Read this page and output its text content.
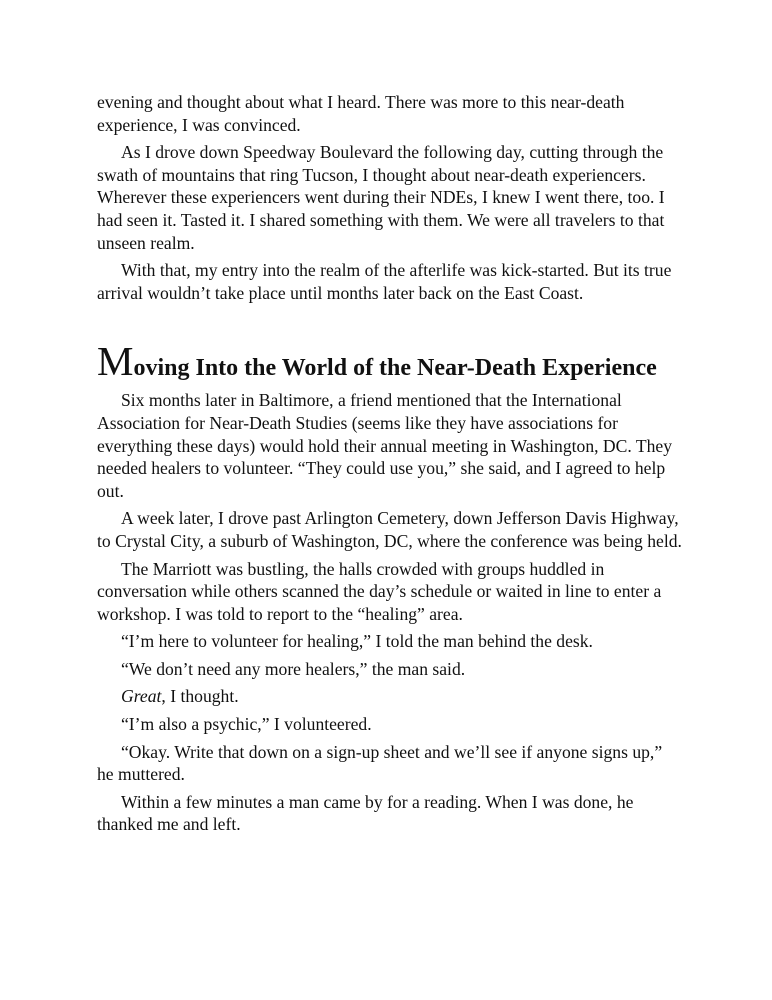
evening and thought about what I heard. There was more to this near-death experience, I was convinced.

As I drove down Speedway Boulevard the following day, cutting through the swath of mountains that ring Tucson, I thought about near-death experiencers. Wherever these experiencers went during their NDEs, I knew I went there, too. I had seen it. Tasted it. I shared something with them. We were all travelers to that unseen realm.

With that, my entry into the realm of the afterlife was kick-started. But its true arrival wouldn’t take place until months later back on the East Coast.

Moving Into the World of the Near-Death Experience

Six months later in Baltimore, a friend mentioned that the International Association for Near-Death Studies (seems like they have associations for everything these days) would hold their annual meeting in Washington, DC. They needed healers to volunteer. “They could use you,” she said, and I agreed to help out.

A week later, I drove past Arlington Cemetery, down Jefferson Davis Highway, to Crystal City, a suburb of Washington, DC, where the conference was being held.

The Marriott was bustling, the halls crowded with groups huddled in conversation while others scanned the day’s schedule or waited in line to enter a workshop. I was told to report to the “healing” area.

“I’m here to volunteer for healing,” I told the man behind the desk.

“We don’t need any more healers,” the man said.

Great, I thought.

“I’m also a psychic,” I volunteered.

“Okay. Write that down on a sign-up sheet and we’ll see if anyone signs up,” he muttered.

Within a few minutes a man came by for a reading. When I was done, he thanked me and left.
